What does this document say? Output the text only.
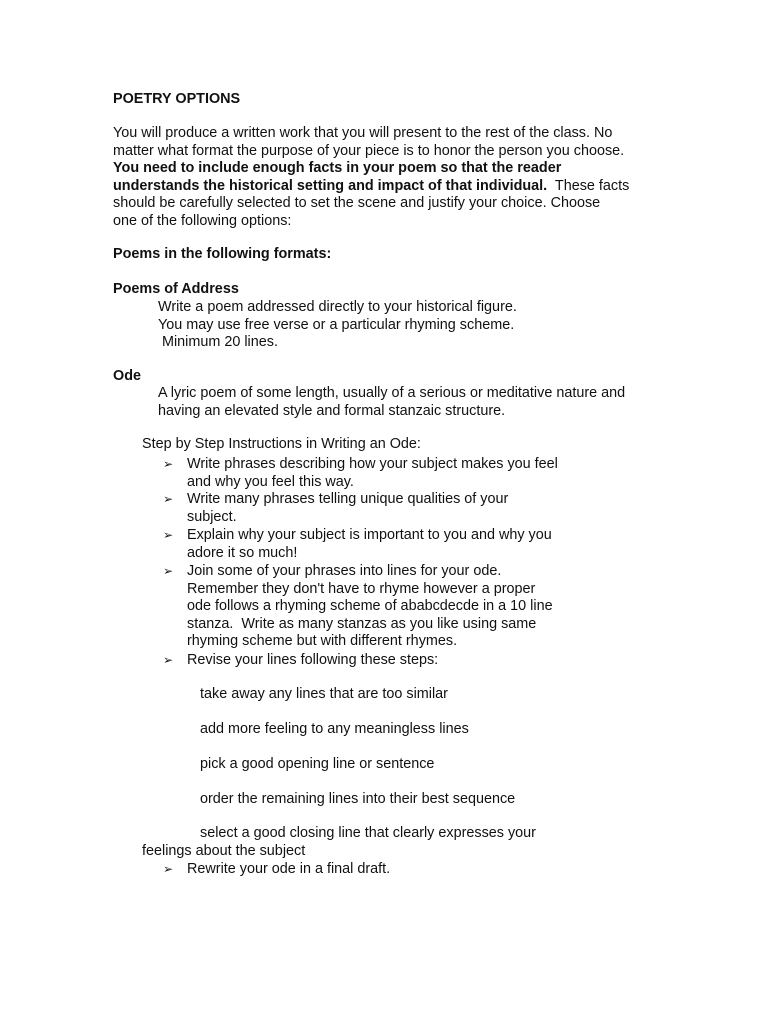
POETRY OPTIONS
You will produce a written work that you will present to the rest of the class. No
matter what format the purpose of your piece is to honor the person you choose.
You need to include enough facts in your poem so that the reader
understands the historical setting and impact of that individual.  These facts
should be carefully selected to set the scene and justify your choice. Choose
one of the following options:
Poems in the following formats:
Poems of Address
Write a poem addressed directly to your historical figure.
You may use free verse or a particular rhyming scheme.
Minimum 20 lines.
Ode
A lyric poem of some length, usually of a serious or meditative nature and
having an elevated style and formal stanzaic structure.
Step by Step Instructions in Writing an Ode:
➢ Write phrases describing how your subject makes you feel
and why you feel this way.
➢ Write many phrases telling unique qualities of your
subject.
➢ Explain why your subject is important to you and why you
adore it so much!
➢ Join some of your phrases into lines for your ode.
Remember they don't have to rhyme however a proper
ode follows a rhyming scheme of ababcdecde in a 10 line
stanza.  Write as many stanzas as you like using same
rhyming scheme but with different rhymes.
➢ Revise your lines following these steps:
take away any lines that are too similar
add more feeling to any meaningless lines
pick a good opening line or sentence
order the remaining lines into their best sequence
select a good closing line that clearly expresses your
feelings about the subject
➢ Rewrite your ode in a final draft.
